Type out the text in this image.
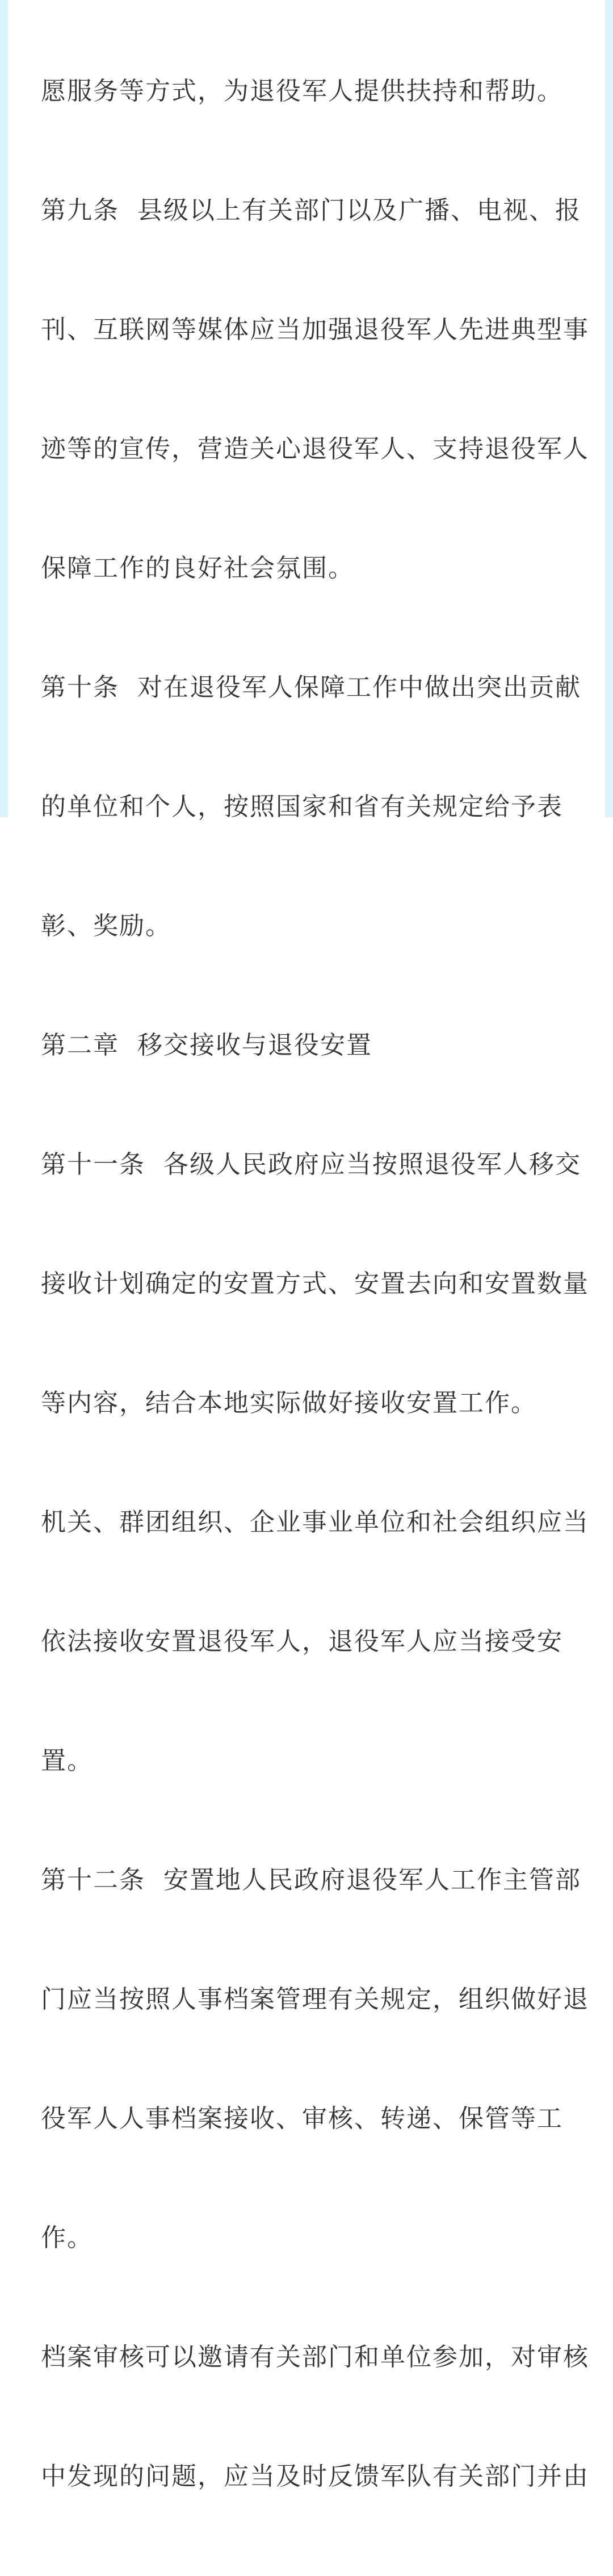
愿服务等方式，为退役军人提供扶持和帮助。

第九条  县级以上有关部门以及广播、电视、报

刊、互联网等媒体应当加强退役军人先进典型事

迹等的宣传，营造关心退役军人、支持退役军人

保障工作的良好社会氛围。

第十条  对在退役军人保障工作中做出突出贡献

的单位和个人，按照国家和省有关规定给予表

彰、奖励。

第二章  移交接收与退役安置

第十一条  各级人民政府应当按照退役军人移交

接收计划确定的安置方式、安置去向和安置数量

等内容，结合本地实际做好接收安置工作。

机关、群团组织、企业事业单位和社会组织应当

依法接收安置退役军人，退役军人应当接受安

置。

第十二条  安置地人民政府退役军人工作主管部

门应当按照人事档案管理有关规定，组织做好退

役军人人事档案接收、审核、转递、保管等工

作。

档案审核可以邀请有关部门和单位参加，对审核

中发现的问题，应当及时反馈军队有关部门并由
